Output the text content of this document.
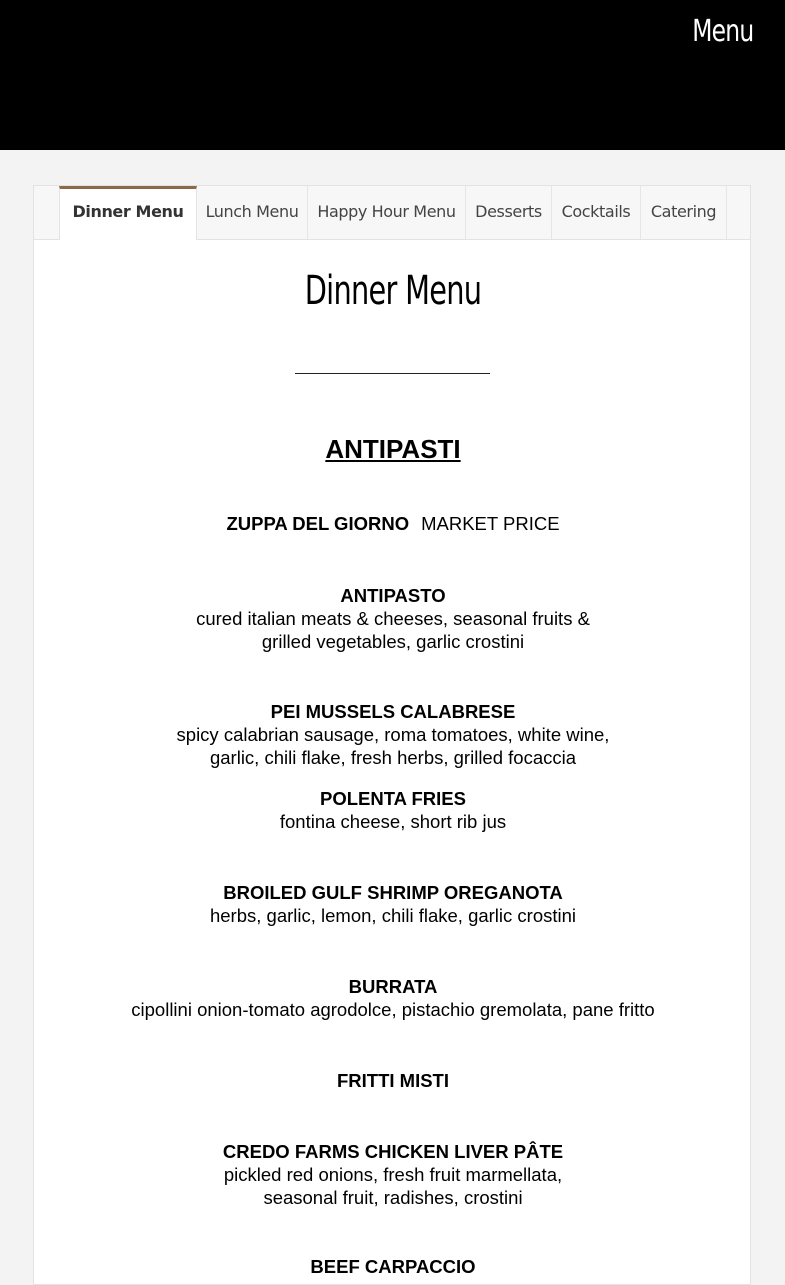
Menu
Dinner Menu	Lunch Menu	Happy Hour Menu	Desserts	Cocktails	Catering
Dinner Menu
ANTIPASTI
ZUPPA DEL GIORNO MARKET PRICE
ANTIPASTO
cured italian meats & cheeses, seasonal fruits &
grilled vegetables, garlic crostini
PEI MUSSELS CALABRESE
spicy calabrian sausage, roma tomatoes, white wine,
garlic, chili flake, fresh herbs, grilled focaccia
POLENTA FRIES
fontina cheese, short rib jus
BROILED GULF SHRIMP OREGANOTA
herbs, garlic, lemon, chili flake, garlic crostini
BURRATA
cipollini onion-tomato agrodolce, pistachio gremolata, pane fritto
FRITTI MISTI
CREDO FARMS CHICKEN LIVER PÂTE
pickled red onions, fresh fruit marmellata,
seasonal fruit, radishes, crostini
BEEF CARPACCIO
